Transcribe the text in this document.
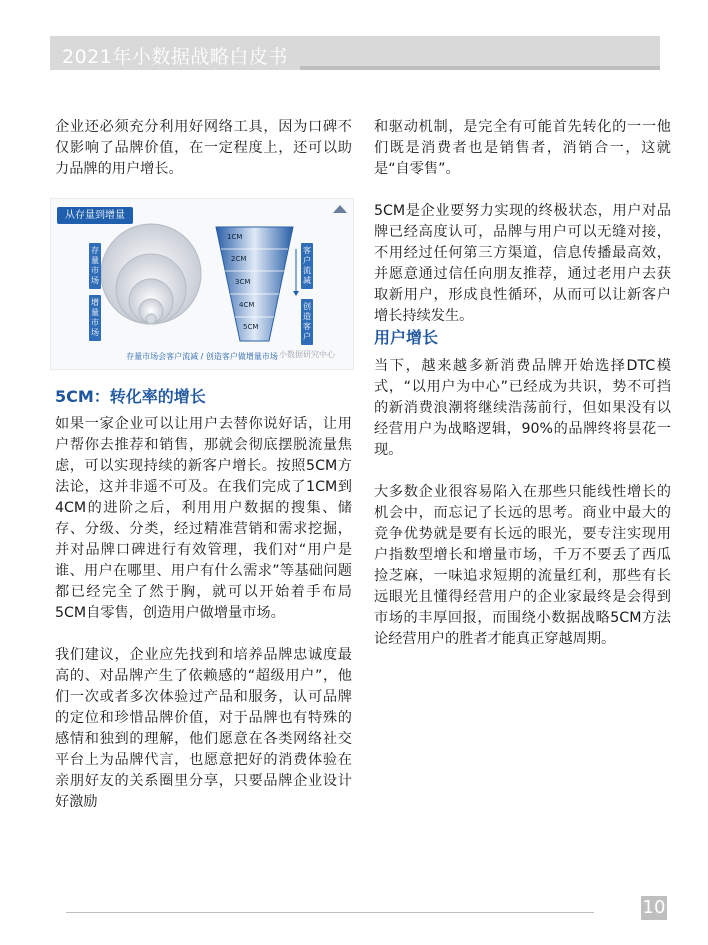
2021年小数据战略白皮书

企业还必须充分利用好网络工具，因为口碑不仅影响了品牌价值，在一定程度上，还可以助力品牌的用户增长。

从存量到增量
存量市场
增量市场
客户流减
创造客户
1CM
2CM
3CM
4CM
5CM
存量市场会客户流减 / 创造客户做增量市场 小数据研究中心
5CM：转化率的增长

如果一家企业可以让用户去替你说好话，让用户帮你去推荐和销售，那就会彻底摆脱流量焦虑，可以实现持续的新客户增长。按照5CM方法论，这并非遥不可及。在我们完成了1CM到4CM的进阶之后，利用用户数据的搜集、储存、分级、分类，经过精准营销和需求挖掘，并对品牌口碑进行有效管理，我们对“用户是谁、用户在哪里、用户有什么需求”等基础问题都已经完全了然于胸，就可以开始着手布局5CM自零售，创造用户做增量市场。

我们建议，企业应先找到和培养品牌忠诚度最高的、对品牌产生了依赖感的“超级用户”，他们一次或者多次体验过产品和服务，认可品牌的定位和珍惜品牌价值，对于品牌也有特殊的感情和独到的理解，他们愿意在各类网络社交平台上为品牌代言，也愿意把好的消费体验在亲朋好友的关系圈里分享，只要品牌企业设计好激励

和驱动机制，是完全有可能首先转化的一一他们既是消费者也是销售者，消销合一，这就是“自零售”。

5CM是企业要努力实现的终极状态，用户对品牌已经高度认可，品牌与用户可以无缝对接，不用经过任何第三方渠道，信息传播最高效，并愿意通过信任向朋友推荐，通过老用户去获取新用户，形成良性循环，从而可以让新客户增长持续发生。

用户增长

当下，越来越多新消费品牌开始选择DTC模式，“以用户为中心”已经成为共识，势不可挡的新消费浪潮将继续浩荡前行，但如果没有以经营用户为战略逻辑，90%的品牌终将昙花一现。

大多数企业很容易陷入在那些只能线性增长的机会中，而忘记了长远的思考。商业中最大的竞争优势就是要有长远的眼光，要专注实现用户指数型增长和增量市场，千万不要丢了西瓜捡芝麻，一味追求短期的流量红利，那些有长远眼光且懂得经营用户的企业家最终是会得到市场的丰厚回报，而围绕小数据战略5CM方法论经营用户的胜者才能真正穿越周期。

10
